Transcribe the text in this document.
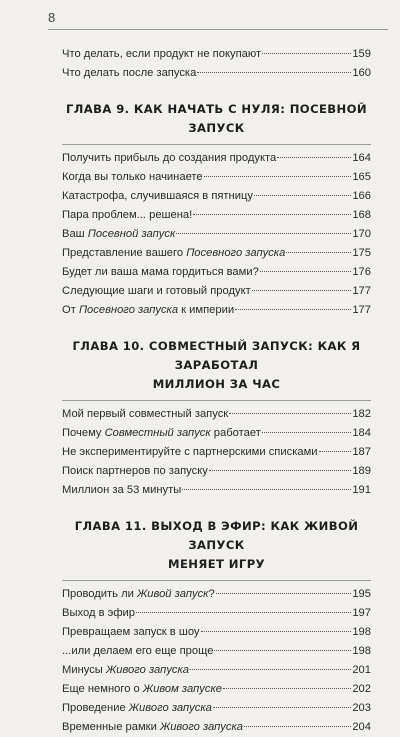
8
Что делать, если продукт не покупают	159
Что делать после запуска	160
ГЛАВА 9. КАК НАЧАТЬ С НУЛЯ: ПОСЕВНОЙ ЗАПУСК
Получить прибыль до создания продукта	164
Когда вы только начинаете	165
Катастрофа, случившаяся в пятницу	166
Пара проблем... решена!	168
Ваш Посевной запуск	170
Представление вашего Посевного запуска	175
Будет ли ваша мама гордиться вами?	176
Следующие шаги и готовый продукт	177
От Посевного запуска к империи	177
ГЛАВА 10. СОВМЕСТНЫЙ ЗАПУСК: КАК Я ЗАРАБОТАЛ
МИЛЛИОН ЗА ЧАС
Мой первый совместный запуск	182
Почему Совместный запуск работает	184
Не экспериментируйте с партнерскими списками	187
Поиск партнеров по запуску	189
Миллион за 53 минуты	191
ГЛАВА 11. ВЫХОД В ЭФИР: КАК ЖИВОЙ ЗАПУСК
МЕНЯЕТ ИГРУ
Проводить ли Живой запуск?	195
Выход в эфир	197
Превращаем запуск в шоу	198
...или делаем его еще проще	198
Минусы Живого запуска	201
Еще немного о Живом запуске	202
Проведение Живого запуска	203
Временные рамки Живого запуска	204
